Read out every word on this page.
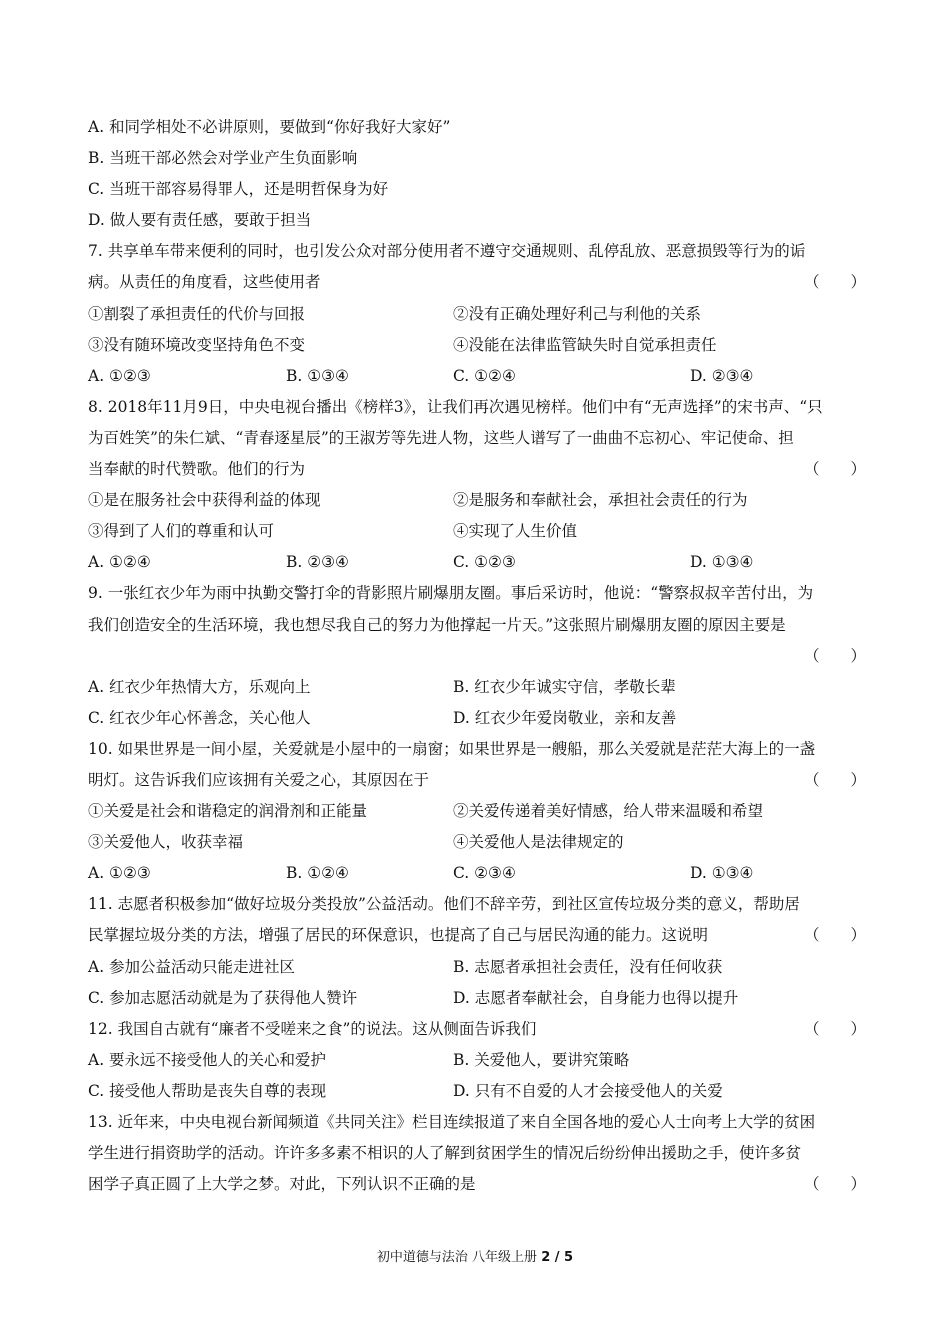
A. 和同学相处不必讲原则，要做到“你好我好大家好”
B. 当班干部必然会对学业产生负面影响
C. 当班干部容易得罪人，还是明哲保身为好
D. 做人要有责任感，要敢于担当
7. 共享单车带来便利的同时，也引发公众对部分使用者不遵守交通规则、乱停乱放、恶意损毁等行为的诟
病。从责任的角度看，这些使用者	（　　）
①割裂了承担责任的代价与回报	②没有正确处理好利己与利他的关系
③没有随环境改变坚持角色不变	④没能在法律监管缺失时自觉承担责任
A. ①②③	B. ①③④	C. ①②④	D. ②③④
8. 2018年11月9日，中央电视台播出《榜样3》，让我们再次遇见榜样。他们中有“无声选择”的宋书声、“只
为百姓笑”的朱仁斌、“青春逐星辰”的王淑芳等先进人物，这些人谱写了一曲曲不忘初心、牢记使命、担
当奉献的时代赞歌。他们的行为	（　　）
①是在服务社会中获得利益的体现	②是服务和奉献社会，承担社会责任的行为
③得到了人们的尊重和认可	④实现了人生价值
A. ①②④	B. ②③④	C. ①②③	D. ①③④
9. 一张红衣少年为雨中执勤交警打伞的背影照片刷爆朋友圈。事后采访时，他说：“警察叔叔辛苦付出，为
我们创造安全的生活环境，我也想尽我自己的努力为他撑起一片天。”这张照片刷爆朋友圈的原因主要是
（　　）
A. 红衣少年热情大方，乐观向上	B. 红衣少年诚实守信，孝敬长辈
C. 红衣少年心怀善念，关心他人	D. 红衣少年爱岗敬业，亲和友善
10. 如果世界是一间小屋，关爱就是小屋中的一扇窗；如果世界是一艘船，那么关爱就是茫茫大海上的一盏
明灯。这告诉我们应该拥有关爱之心，其原因在于	（　　）
①关爱是社会和谐稳定的润滑剂和正能量	②关爱传递着美好情感，给人带来温暖和希望
③关爱他人，收获幸福	④关爱他人是法律规定的
A. ①②③	B. ①②④	C. ②③④	D. ①③④
11. 志愿者积极参加“做好垃圾分类投放”公益活动。他们不辞辛劳，到社区宣传垃圾分类的意义，帮助居
民掌握垃圾分类的方法，增强了居民的环保意识，也提高了自己与居民沟通的能力。这说明	（　　）
A. 参加公益活动只能走进社区	B. 志愿者承担社会责任，没有任何收获
C. 参加志愿活动就是为了获得他人赞许	D. 志愿者奉献社会，自身能力也得以提升
12. 我国自古就有“廉者不受嗟来之食”的说法。这从侧面告诉我们	（　　）
A. 要永远不接受他人的关心和爱护	B. 关爱他人，要讲究策略
C. 接受他人帮助是丧失自尊的表现	D. 只有不自爱的人才会接受他人的关爱
13. 近年来，中央电视台新闻频道《共同关注》栏目连续报道了来自全国各地的爱心人士向考上大学的贫困
学生进行捐资助学的活动。许许多多素不相识的人了解到贫困学生的情况后纷纷伸出援助之手，使许多贫
困学子真正圆了上大学之梦。对此，下列认识不正确的是	（　　）
初中道德与法治 八年级上册 2 / 5
